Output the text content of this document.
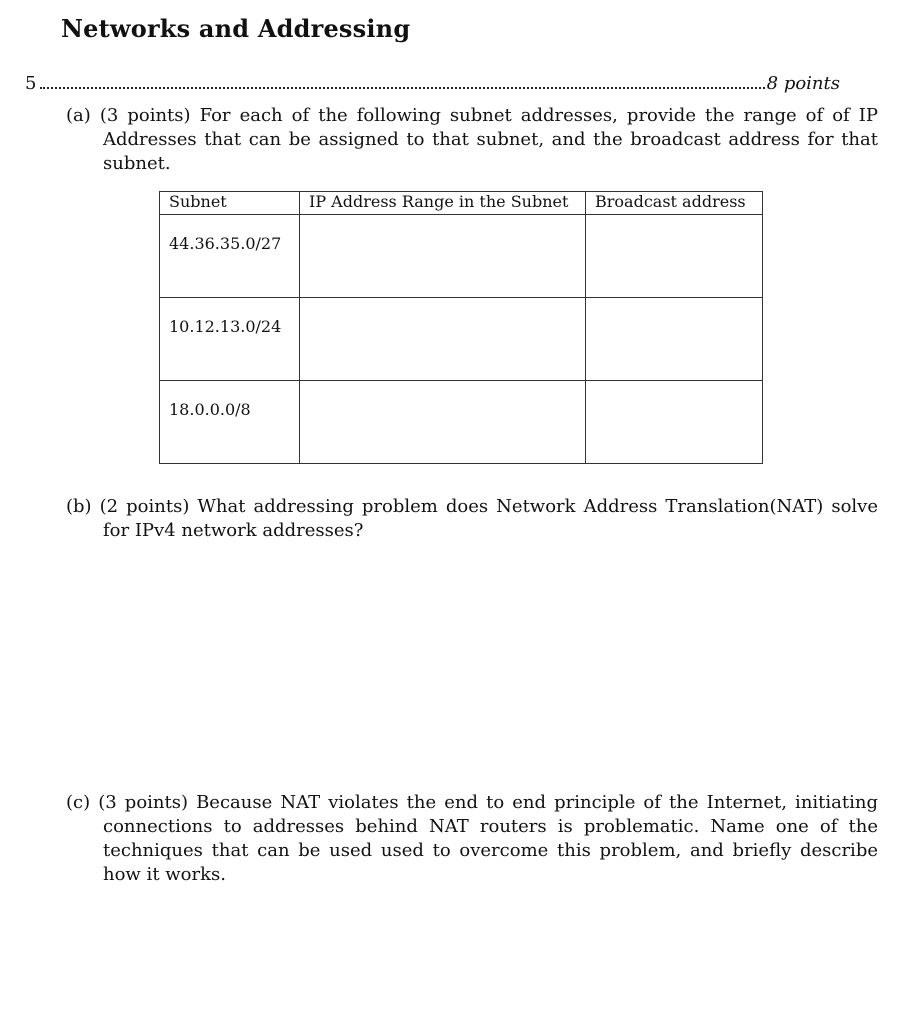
Networks and Addressing
5	8 points

(a) (3 points) For each of the following subnet addresses, provide the range of of IP Addresses that can be assigned to that subnet, and the broadcast address for that subnet.

Subnet	IP Address Range in the Subnet	Broadcast address
44.36.35.0/27		
10.12.13.0/24		
18.0.0.0/8		

(b) (2 points) What addressing problem does Network Address Translation(NAT) solve for IPv4 network addresses?

(c) (3 points) Because NAT violates the end to end principle of the Internet, initiating connections to addresses behind NAT routers is problematic. Name one of the techniques that can be used used to overcome this problem, and briefly describe how it works.
